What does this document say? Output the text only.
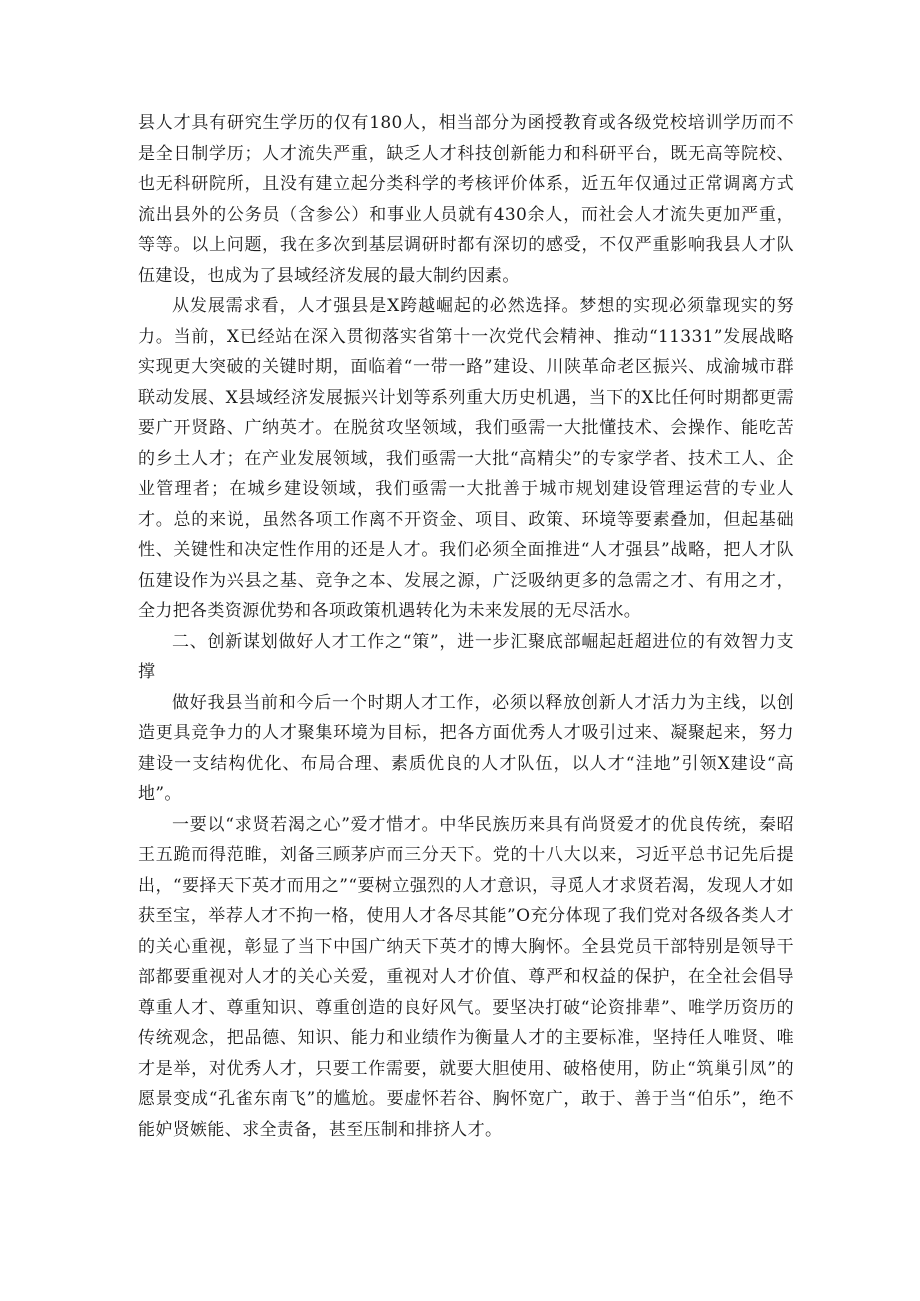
县人才具有研究生学历的仅有180人，相当部分为函授教育或各级党校培训学历而不是全日制学历；人才流失严重，缺乏人才科技创新能力和科研平台，既无高等院校、也无科研院所，且没有建立起分类科学的考核评价体系，近五年仅通过正常调离方式流出县外的公务员（含参公）和事业人员就有430余人，而社会人才流失更加严重，等等。以上问题，我在多次到基层调研时都有深切的感受，不仅严重影响我县人才队伍建设，也成为了县域经济发展的最大制约因素。

从发展需求看，人才强县是X跨越崛起的必然选择。梦想的实现必须靠现实的努力。当前，X已经站在深入贯彻落实省第十一次党代会精神、推动“11331”发展战略实现更大突破的关键时期，面临着“一带一路”建设、川陕革命老区振兴、成渝城市群联动发展、X县域经济发展振兴计划等系列重大历史机遇，当下的X比任何时期都更需要广开贤路、广纳英才。在脱贫攻坚领域，我们亟需一大批懂技术、会操作、能吃苦的乡土人才；在产业发展领域，我们亟需一大批“高精尖”的专家学者、技术工人、企业管理者；在城乡建设领域，我们亟需一大批善于城市规划建设管理运营的专业人才。总的来说，虽然各项工作离不开资金、项目、政策、环境等要素叠加，但起基础性、关键性和决定性作用的还是人才。我们必须全面推进“人才强县”战略，把人才队伍建设作为兴县之基、竞争之本、发展之源，广泛吸纳更多的急需之才、有用之才，全力把各类资源优势和各项政策机遇转化为未来发展的无尽活水。

二、创新谋划做好人才工作之“策”，进一步汇聚底部崛起赶超进位的有效智力支撑

做好我县当前和今后一个时期人才工作，必须以释放创新人才活力为主线，以创造更具竞争力的人才聚集环境为目标，把各方面优秀人才吸引过来、凝聚起来，努力建设一支结构优化、布局合理、素质优良的人才队伍，以人才“洼地”引领X建设“高地”。

一要以“求贤若渴之心”爱才惜才。中华民族历来具有尚贤爱才的优良传统，秦昭王五跪而得范睢，刘备三顾茅庐而三分天下。党的十八大以来，习近平总书记先后提出，“要择天下英才而用之”“要树立强烈的人才意识，寻觅人才求贤若渴，发现人才如获至宝，举荐人才不拘一格，使用人才各尽其能”O充分体现了我们党对各级各类人才的关心重视，彰显了当下中国广纳天下英才的博大胸怀。全县党员干部特别是领导干部都要重视对人才的关心关爱，重视对人才价值、尊严和权益的保护，在全社会倡导尊重人才、尊重知识、尊重创造的良好风气。要坚决打破“论资排辈”、唯学历资历的传统观念，把品德、知识、能力和业绩作为衡量人才的主要标准，坚持任人唯贤、唯才是举，对优秀人才，只要工作需要，就要大胆使用、破格使用，防止“筑巢引凤”的愿景变成“孔雀东南飞”的尴尬。要虚怀若谷、胸怀宽广，敢于、善于当“伯乐”，绝不能妒贤嫉能、求全责备，甚至压制和排挤人才。
